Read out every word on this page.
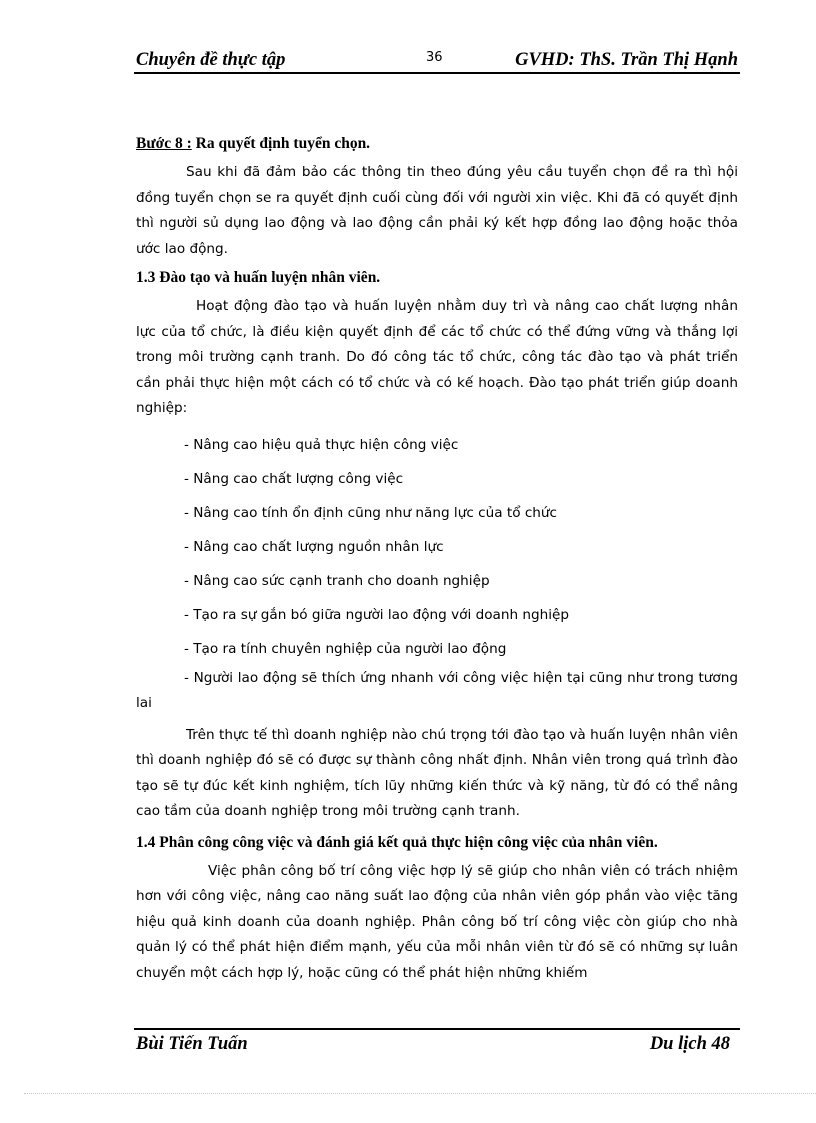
Chuyên đề thực tập	36	GVHD: ThS. Trần Thị Hạnh

Bước 8 : Ra quyết định tuyển chọn.

Sau khi đã đảm bảo các thông tin theo đúng yêu cầu tuyển chọn đề ra thì hội đồng tuyển chọn se ra quyết định cuối cùng đối với người xin việc. Khi đã có quyết định thì người sủ dụng lao động và lao động cần phải ký kết hợp đồng lao động hoặc thỏa ước lao động.

1.3 Đào tạo và huấn luyện nhân viên.

Hoạt động đào tạo và huấn luyện nhằm duy trì và nâng cao chất lượng nhân lực của tổ chức, là điều kiện quyết định để các tổ chức có thể đứng vững và thắng lợi trong môi trường cạnh tranh. Do đó công tác tổ chức, công tác đào tạo và phát triển cần phải thực hiện một cách có tổ chức và có kế hoạch. Đào tạo phát triển giúp doanh nghiệp:

- Nâng cao hiệu quả thực hiện công việc

- Nâng cao chất lượng công việc

- Nâng cao tính ổn định cũng như năng lực của tổ chức

- Nâng cao chất lượng nguồn nhân lực

- Nâng cao sức cạnh tranh cho doanh nghiệp

- Tạo ra sự gắn bó giữa người lao động với doanh nghiệp

- Tạo ra tính chuyên nghiệp của người lao động

- Người lao động sẽ thích ứng nhanh với công việc hiện tại cũng như trong tương lai

Trên thực tế thì doanh nghiệp nào chú trọng tới đào tạo và huấn luyện nhân viên thì doanh nghiệp đó sẽ có được sự thành công nhất định. Nhân viên trong quá trình đào tạo sẽ tự đúc kết kinh nghiệm, tích lũy những kiến thức và kỹ năng, từ đó có thể nâng cao tầm của doanh nghiệp trong môi trường cạnh tranh.

1.4 Phân công công việc và đánh giá kết quả thực hiện công việc của nhân viên.

Việc phân công bố trí công việc hợp lý sẽ giúp cho nhân viên có trách nhiệm hơn với công việc, nâng cao năng suất lao động của nhân viên góp phần vào việc tăng hiệu quả kinh doanh của doanh nghiệp. Phân công bố trí công việc còn giúp cho nhà quản lý có thể phát hiện điểm mạnh, yếu của mỗi nhân viên từ đó sẽ có những sự luân chuyển một cách hợp lý, hoặc cũng có thể phát hiện những khiếm

Bùi Tiến Tuấn	Du lịch 48
